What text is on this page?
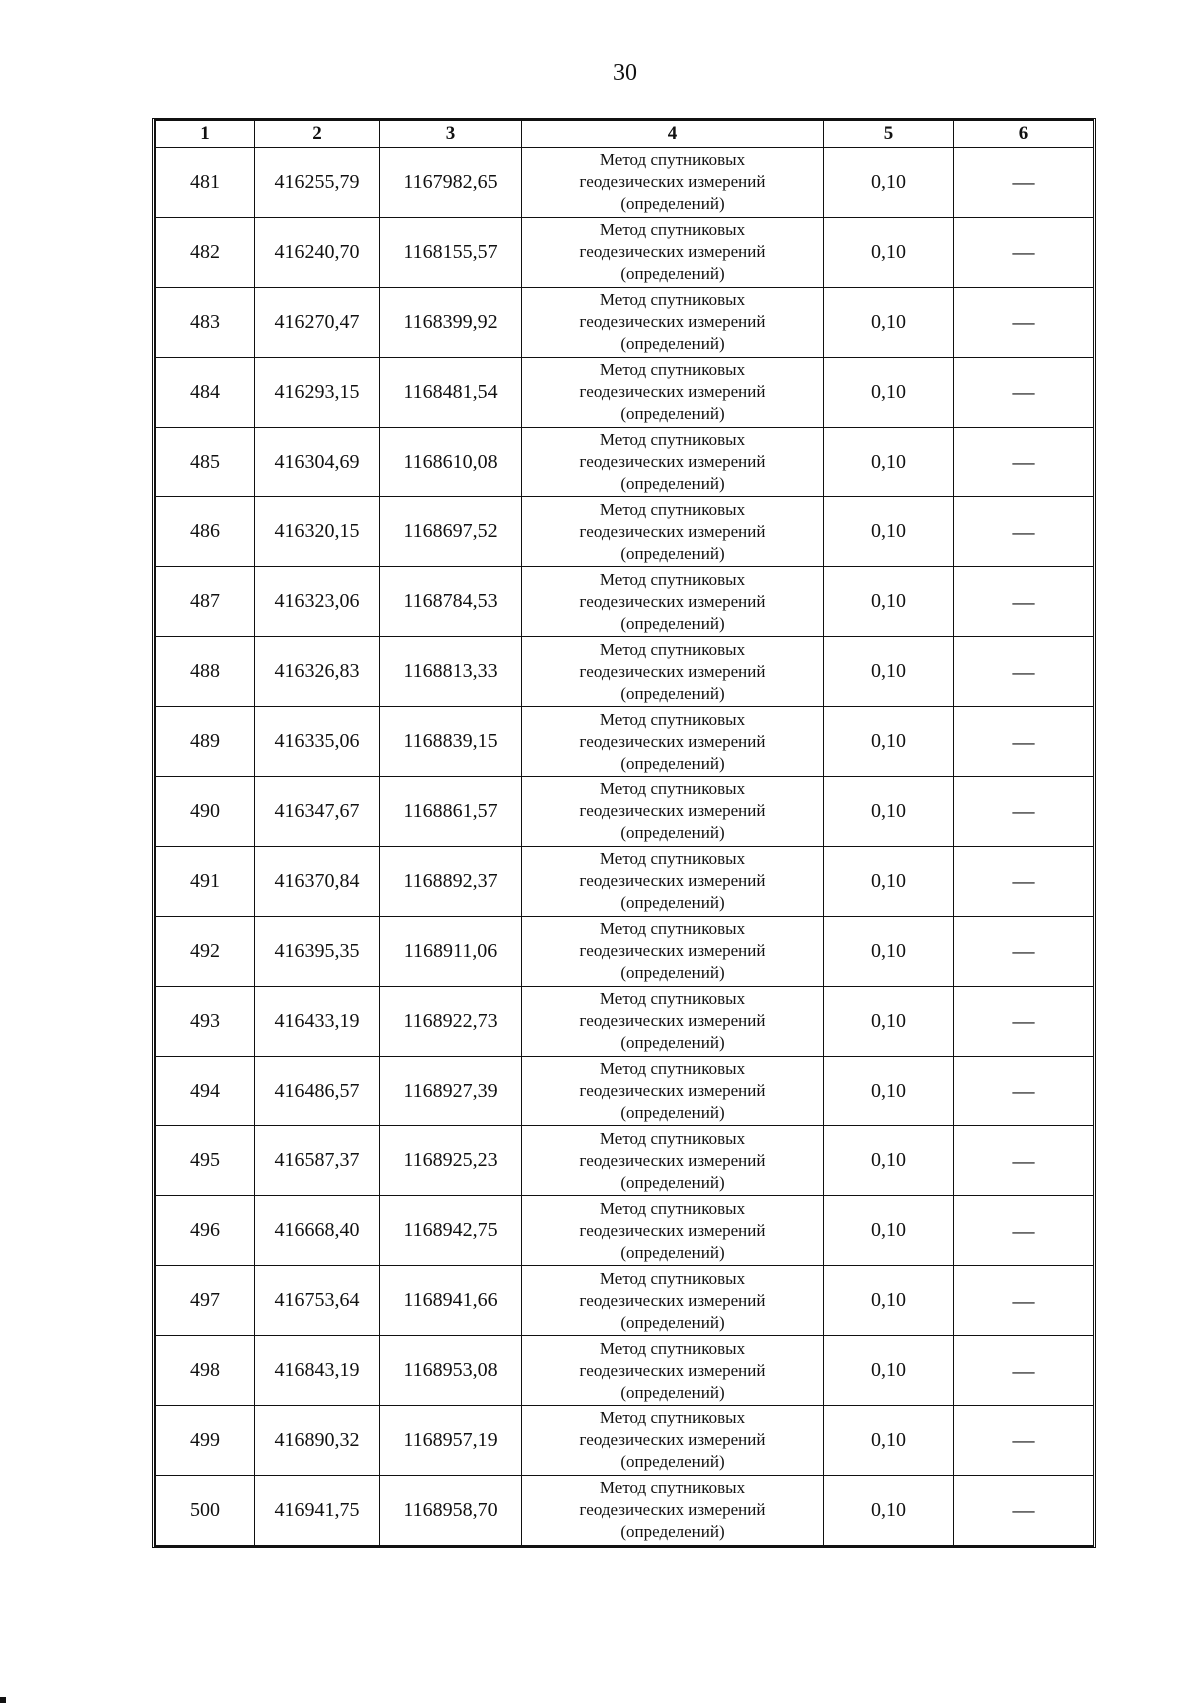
30
1	2	3	4	5	6
481	416255,79	1167982,65	Метод спутниковых
геодезических измерений
(определений)	0,10	—
482	416240,70	1168155,57	Метод спутниковых
геодезических измерений
(определений)	0,10	—
483	416270,47	1168399,92	Метод спутниковых
геодезических измерений
(определений)	0,10	—
484	416293,15	1168481,54	Метод спутниковых
геодезических измерений
(определений)	0,10	—
485	416304,69	1168610,08	Метод спутниковых
геодезических измерений
(определений)	0,10	—
486	416320,15	1168697,52	Метод спутниковых
геодезических измерений
(определений)	0,10	—
487	416323,06	1168784,53	Метод спутниковых
геодезических измерений
(определений)	0,10	—
488	416326,83	1168813,33	Метод спутниковых
геодезических измерений
(определений)	0,10	—
489	416335,06	1168839,15	Метод спутниковых
геодезических измерений
(определений)	0,10	—
490	416347,67	1168861,57	Метод спутниковых
геодезических измерений
(определений)	0,10	—
491	416370,84	1168892,37	Метод спутниковых
геодезических измерений
(определений)	0,10	—
492	416395,35	1168911,06	Метод спутниковых
геодезических измерений
(определений)	0,10	—
493	416433,19	1168922,73	Метод спутниковых
геодезических измерений
(определений)	0,10	—
494	416486,57	1168927,39	Метод спутниковых
геодезических измерений
(определений)	0,10	—
495	416587,37	1168925,23	Метод спутниковых
геодезических измерений
(определений)	0,10	—
496	416668,40	1168942,75	Метод спутниковых
геодезических измерений
(определений)	0,10	—
497	416753,64	1168941,66	Метод спутниковых
геодезических измерений
(определений)	0,10	—
498	416843,19	1168953,08	Метод спутниковых
геодезических измерений
(определений)	0,10	—
499	416890,32	1168957,19	Метод спутниковых
геодезических измерений
(определений)	0,10	—
500	416941,75	1168958,70	Метод спутниковых
геодезических измерений
(определений)	0,10	—
